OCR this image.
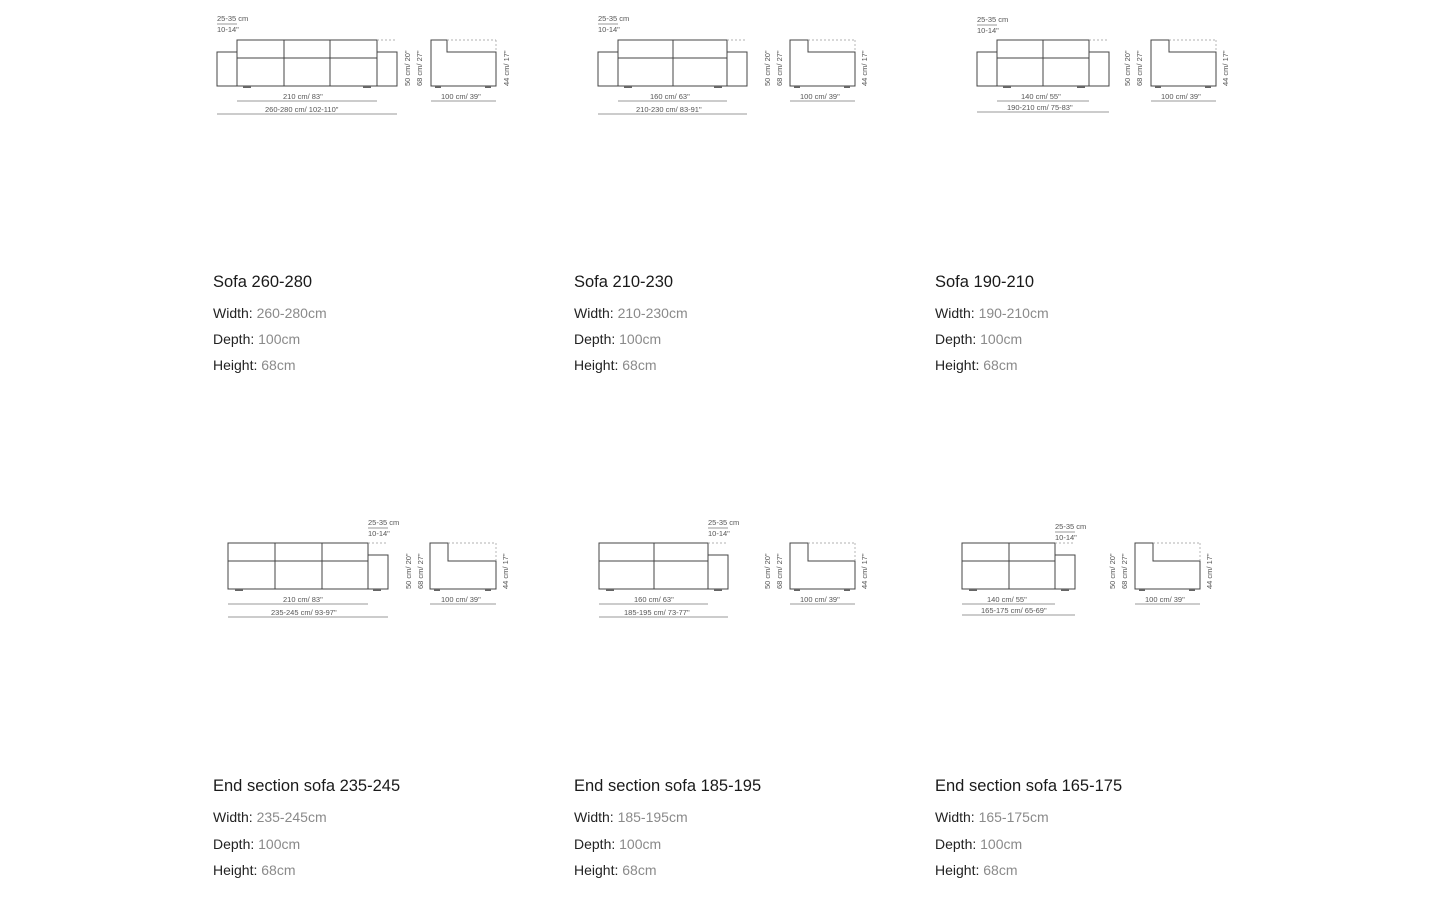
25-35 cm
10-14"
210 cm/ 83"
260-280 cm/ 102-110"
50 cm/ 20" 68 cm/ 27"
100 cm/ 39"
44 cm/ 17"
Sofa 260-280
Width: 260-280cm
Depth: 100cm
Height: 68cm
25-35 cm
10-14"
160 cm/ 63"
210-230 cm/ 83-91"
50 cm/ 20" 68 cm/ 27"
100 cm/ 39"
44 cm/ 17"
Sofa 210-230
Width: 210-230cm
Depth: 100cm
Height: 68cm
25-35 cm
10-14"
140 cm/ 55"
190-210 cm/ 75-83"
50 cm/ 20" 68 cm/ 27"
100 cm/ 39"
44 cm/ 17"
Sofa 190-210
Width: 190-210cm
Depth: 100cm
Height: 68cm
25-35 cm
10-14"
210 cm/ 83"
235-245 cm/ 93-97"
50 cm/ 20" 68 cm/ 27"
100 cm/ 39"
44 cm/ 17"
End section sofa 235-245
Width: 235-245cm
Depth: 100cm
Height: 68cm
25-35 cm
10-14"
160 cm/ 63"
185-195 cm/ 73-77"
50 cm/ 20" 68 cm/ 27"
100 cm/ 39"
44 cm/ 17"
End section sofa 185-195
Width: 185-195cm
Depth: 100cm
Height: 68cm
25-35 cm
10-14"
140 cm/ 55"
165-175 cm/ 65-69"
50 cm/ 20" 68 cm/ 27"
100 cm/ 39"
44 cm/ 17"
End section sofa 165-175
Width: 165-175cm
Depth: 100cm
Height: 68cm
